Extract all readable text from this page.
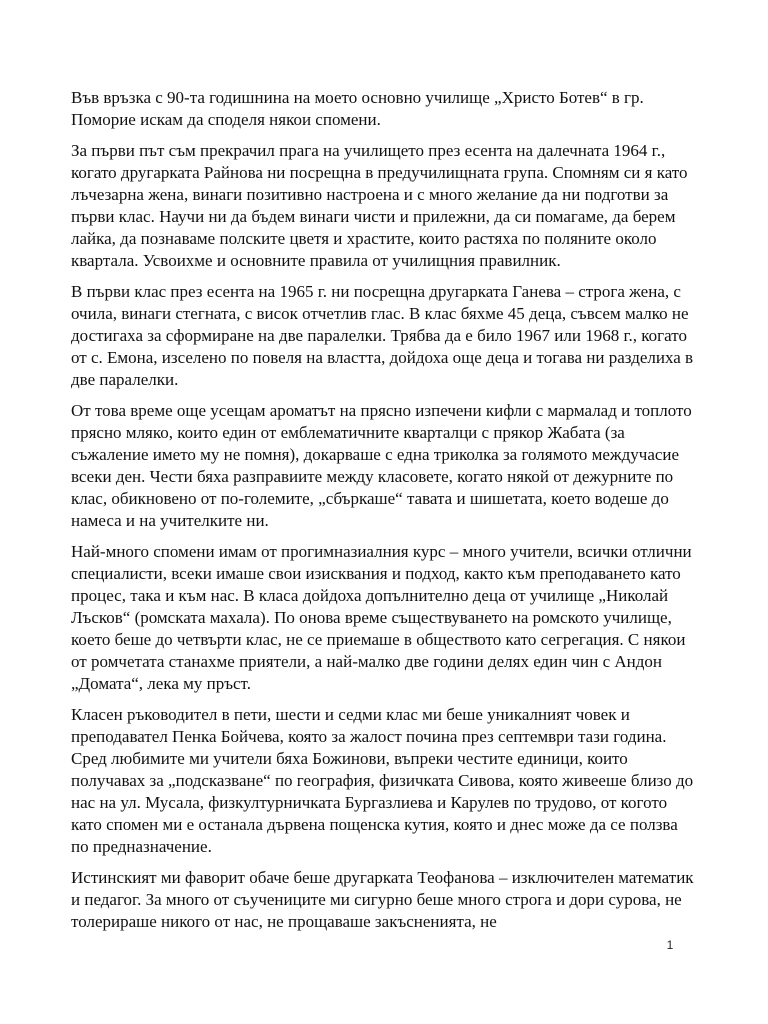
Във връзка с 90-та годишнина на моето основно училище „Христо Ботев“ в гр. Поморие искам да споделя някои спомени.

За първи път съм прекрачил прага на училището през есента на далечната 1964 г., когато другарката Райнова ни посрещна в предучилищната група. Спомням си я като лъчезарна жена, винаги позитивно настроена и с много желание да ни подготви за първи клас. Научи ни да бъдем винаги чисти и прилежни, да си помагаме, да берем лайка, да познаваме полските цветя и храстите, които растяха по поляните около квартала. Усвоихме и основните правила от училищния правилник.

В първи клас през есента на 1965 г. ни посрещна другарката Ганева – строга жена, с очила, винаги стегната, с висок отчетлив глас. В клас бяхме 45 деца, съвсем малко не достигаха за сформиране на две паралелки. Трябва да е било 1967 или 1968 г., когато от с. Емона, изселено по повеля на властта, дойдоха още деца и тогава ни разделиха в две паралелки.

От това време още усещам ароматът на прясно изпечени кифли с мармалад и топлото прясно мляко, които един от емблематичните кварталци с прякор Жабата (за съжаление името му не помня), докарваше с една триколка за голямото междучасие всеки ден. Чести бяха разправиите между класовете, когато някой от дежурните по клас, обикновено от по-големите, „сбъркаше“ тавата и шишетата, което водеше до намеса и на учителките ни.

Най-много спомени имам от прогимназиалния курс – много учители, всички отлични специалисти, всеки имаше свои изисквания и подход, както към преподаването като процес, така и към нас. В класа дойдоха допълнително деца от училище „Николай Лъсков“ (ромската махала). По онова време съществуването на ромското училище, което беше до четвърти клас, не се приемаше в обществото като сегрегация. С някои от ромчетата станахме приятели, а най-малко две години делях един чин с Андон „Домата“, лека му пръст.

Класен ръководител в пети, шести и седми клас ми беше уникалният човек и преподавател Пенка Бойчева, която за жалост почина през септември тази година. Сред любимите ми учители бяха Божинови, въпреки честите единици, които получавах за „подсказване“ по география, физичката Сивова, която живееше близо до нас на ул. Мусала, физкултурничката Бургазлиева и Карулев по трудово, от когото като спомен ми е останала дървена пощенска кутия, която и днес може да се ползва по предназначение.

Истинският ми фаворит обаче беше другарката Теофанова – изключителен математик и педагог. За много от съучениците ми сигурно беше много строга и дори сурова, не толерираше никого от нас, не прощаваше закъсненията, не

1
